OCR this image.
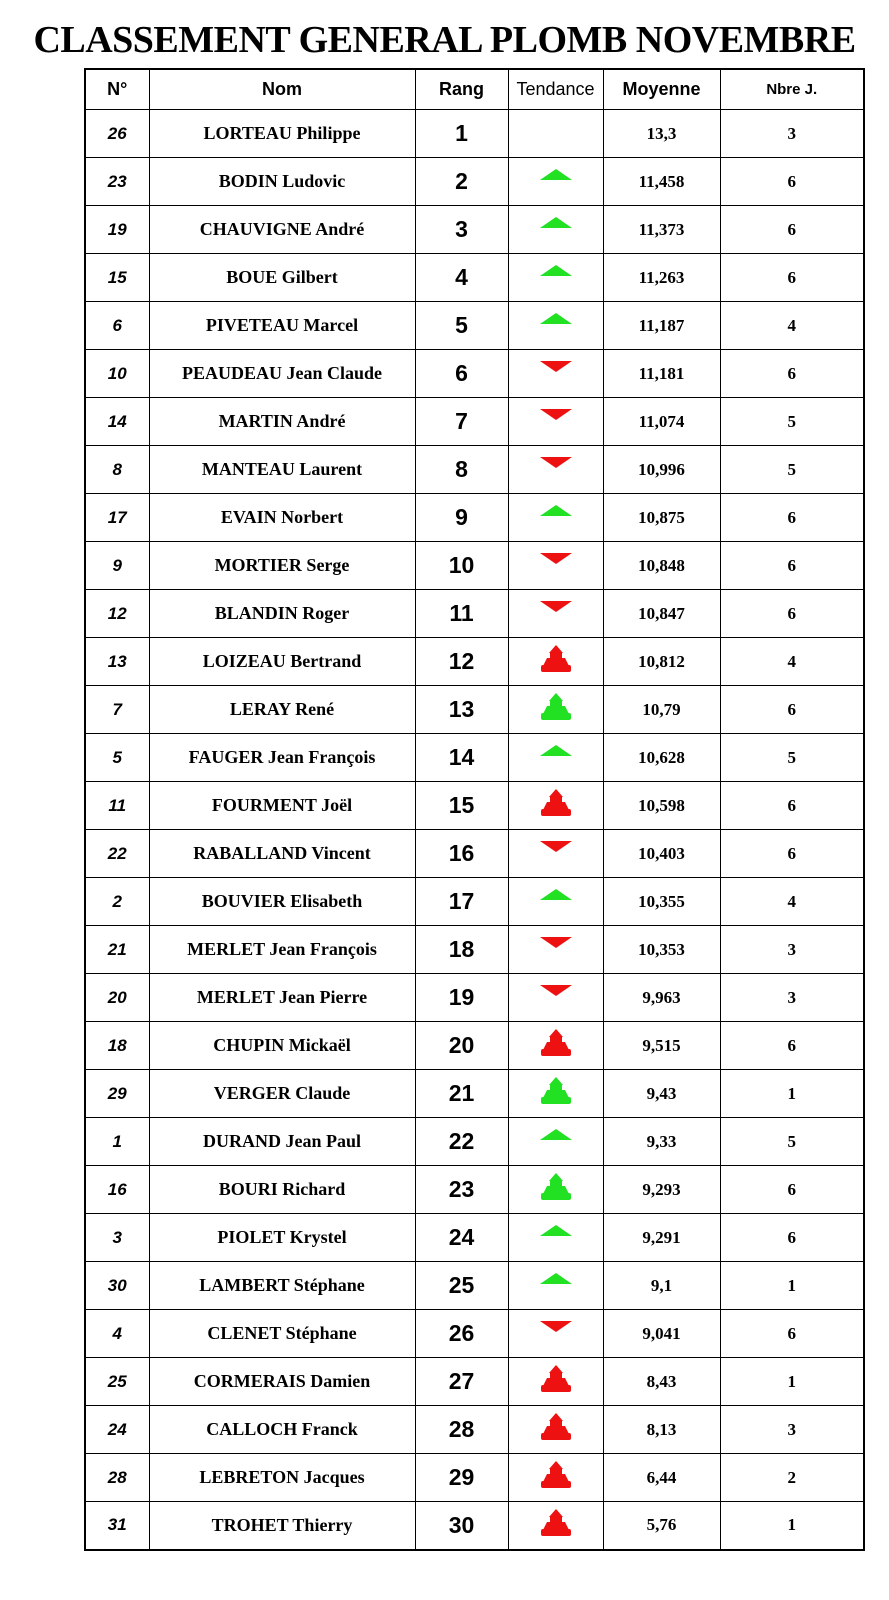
CLASSEMENT GENERAL PLOMB NOVEMBRE
N°	Nom	Rang	Tendance	Moyenne	Nbre J.
26	LORTEAU Philippe	1		13,3	3
23	BODIN Ludovic	2		11,458	6
19	CHAUVIGNE André	3		11,373	6
15	BOUE Gilbert	4		11,263	6
6	PIVETEAU Marcel	5		11,187	4
10	PEAUDEAU Jean Claude	6		11,181	6
14	MARTIN André	7		11,074	5
8	MANTEAU Laurent	8		10,996	5
17	EVAIN Norbert	9		10,875	6
9	MORTIER Serge	10		10,848	6
12	BLANDIN Roger	11		10,847	6
13	LOIZEAU Bertrand	12		10,812	4
7	LERAY René	13		10,79	6
5	FAUGER Jean François	14		10,628	5
11	FOURMENT Joël	15		10,598	6
22	RABALLAND Vincent	16		10,403	6
2	BOUVIER Elisabeth	17		10,355	4
21	MERLET Jean François	18		10,353	3
20	MERLET Jean Pierre	19		9,963	3
18	CHUPIN Mickaël	20		9,515	6
29	VERGER Claude	21		9,43	1
1	DURAND Jean Paul	22		9,33	5
16	BOURI Richard	23		9,293	6
3	PIOLET Krystel	24		9,291	6
30	LAMBERT Stéphane	25		9,1	1
4	CLENET Stéphane	26		9,041	6
25	CORMERAIS Damien	27		8,43	1
24	CALLOCH Franck	28		8,13	3
28	LEBRETON Jacques	29		6,44	2
31	TROHET Thierry	30		5,76	1
